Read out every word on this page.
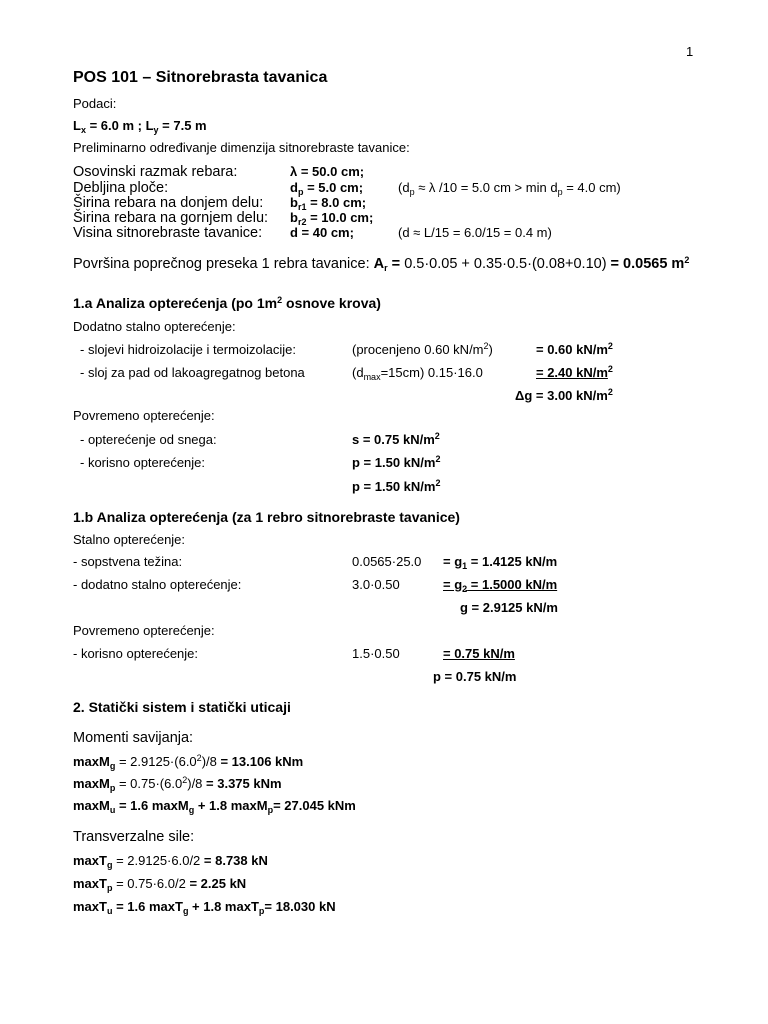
1
POS 101 – Sitnorebrasta tavanica
Podaci:
$L_x = 6.0$ m ; $L_y = 7.5$ m
Preliminarno određivanje dimenzija sitnorebraste tavanice:
Osovinski razmak rebara:	λ = 50.0 cm;
Debljina ploče:	$d_p = 5.0$ cm;	($d_p \approx \lambda$ /10 = 5.0 cm > $\min d_p = 4.0$ cm)
Širina rebara na donjem delu: $b_{r1} = 8.0$ cm;
Širina rebara na gornjem delu: $b_{r2} = 10.0$ cm;
Visina sitnorebraste tavanice: d = 40 cm;	(d ≈ L/15 = 6.0/15 = 0.4 m)
Površina poprečnog preseka 1 rebra tavanice: $A_r = 0.5\cdot 0.05 + 0.35\cdot 0.5\cdot(0.08+0.10) = 0.0565$ $m^2$
1.a Analiza opterećenja (po $1m^2$ osnove krova)
Dodatno stalno opterećenje:
- slojevi hidroizolacije i termoizolacije:	(procenjeno 0.60 $kN/m^2$)	= 0.60 $kN/m^2$
- sloj za pad od lakoagregatnog betona	$(d_{max}=15cm)$ 0.15·16.0	= 2.40 $kN/m^2$
Δg = 3.00 $kN/m^2$
Povremeno opterećenje:
- opterećenje od snega:	s = 0.75 $kN/m^2$
- korisno opterećenje:	p = 1.50 $kN/m^2$
p = 1.50 $kN/m^2$
1.b Analiza opterećenja (za 1 rebro sitnorebraste tavanice)
Stalno opterećenje:
- sopstvena težina:	$0.0565\cdot 25.0 = g_1 = 1.4125$ kN/m
- dodatno stalno opterećenje:	3.0·0.50	= $g_2 = 1.5000$ kN/m
g = 2.9125 kN/m
Povremeno opterećenje:
- korisno opterećenje:	1.5·0.50	= 0.75 kN/m
p = 0.75 kN/m
2. Statički sistem i statički uticaji
Momenti savijanja:
$\max M_g = 2.9125\cdot(6.0^2)/8 = 13.106$ kNm
$\max M_p = 0.75\cdot(6.0^2)/8 = 3.375$ kNm
maxM$_u$ = 1.6 maxM$_g$ + 1.8 maxM$_p$= 27.045 kNm
Transverzalne sile:
maxT$_g$ = 2.9125·6.0/2 = 8.738 kN
maxT$_p$ = 0.75·6.0/2 = 2.25 kN
maxT$_u$ = 1.6 maxT$_g$ + 1.8 maxT$_p$= 18.030 kN
